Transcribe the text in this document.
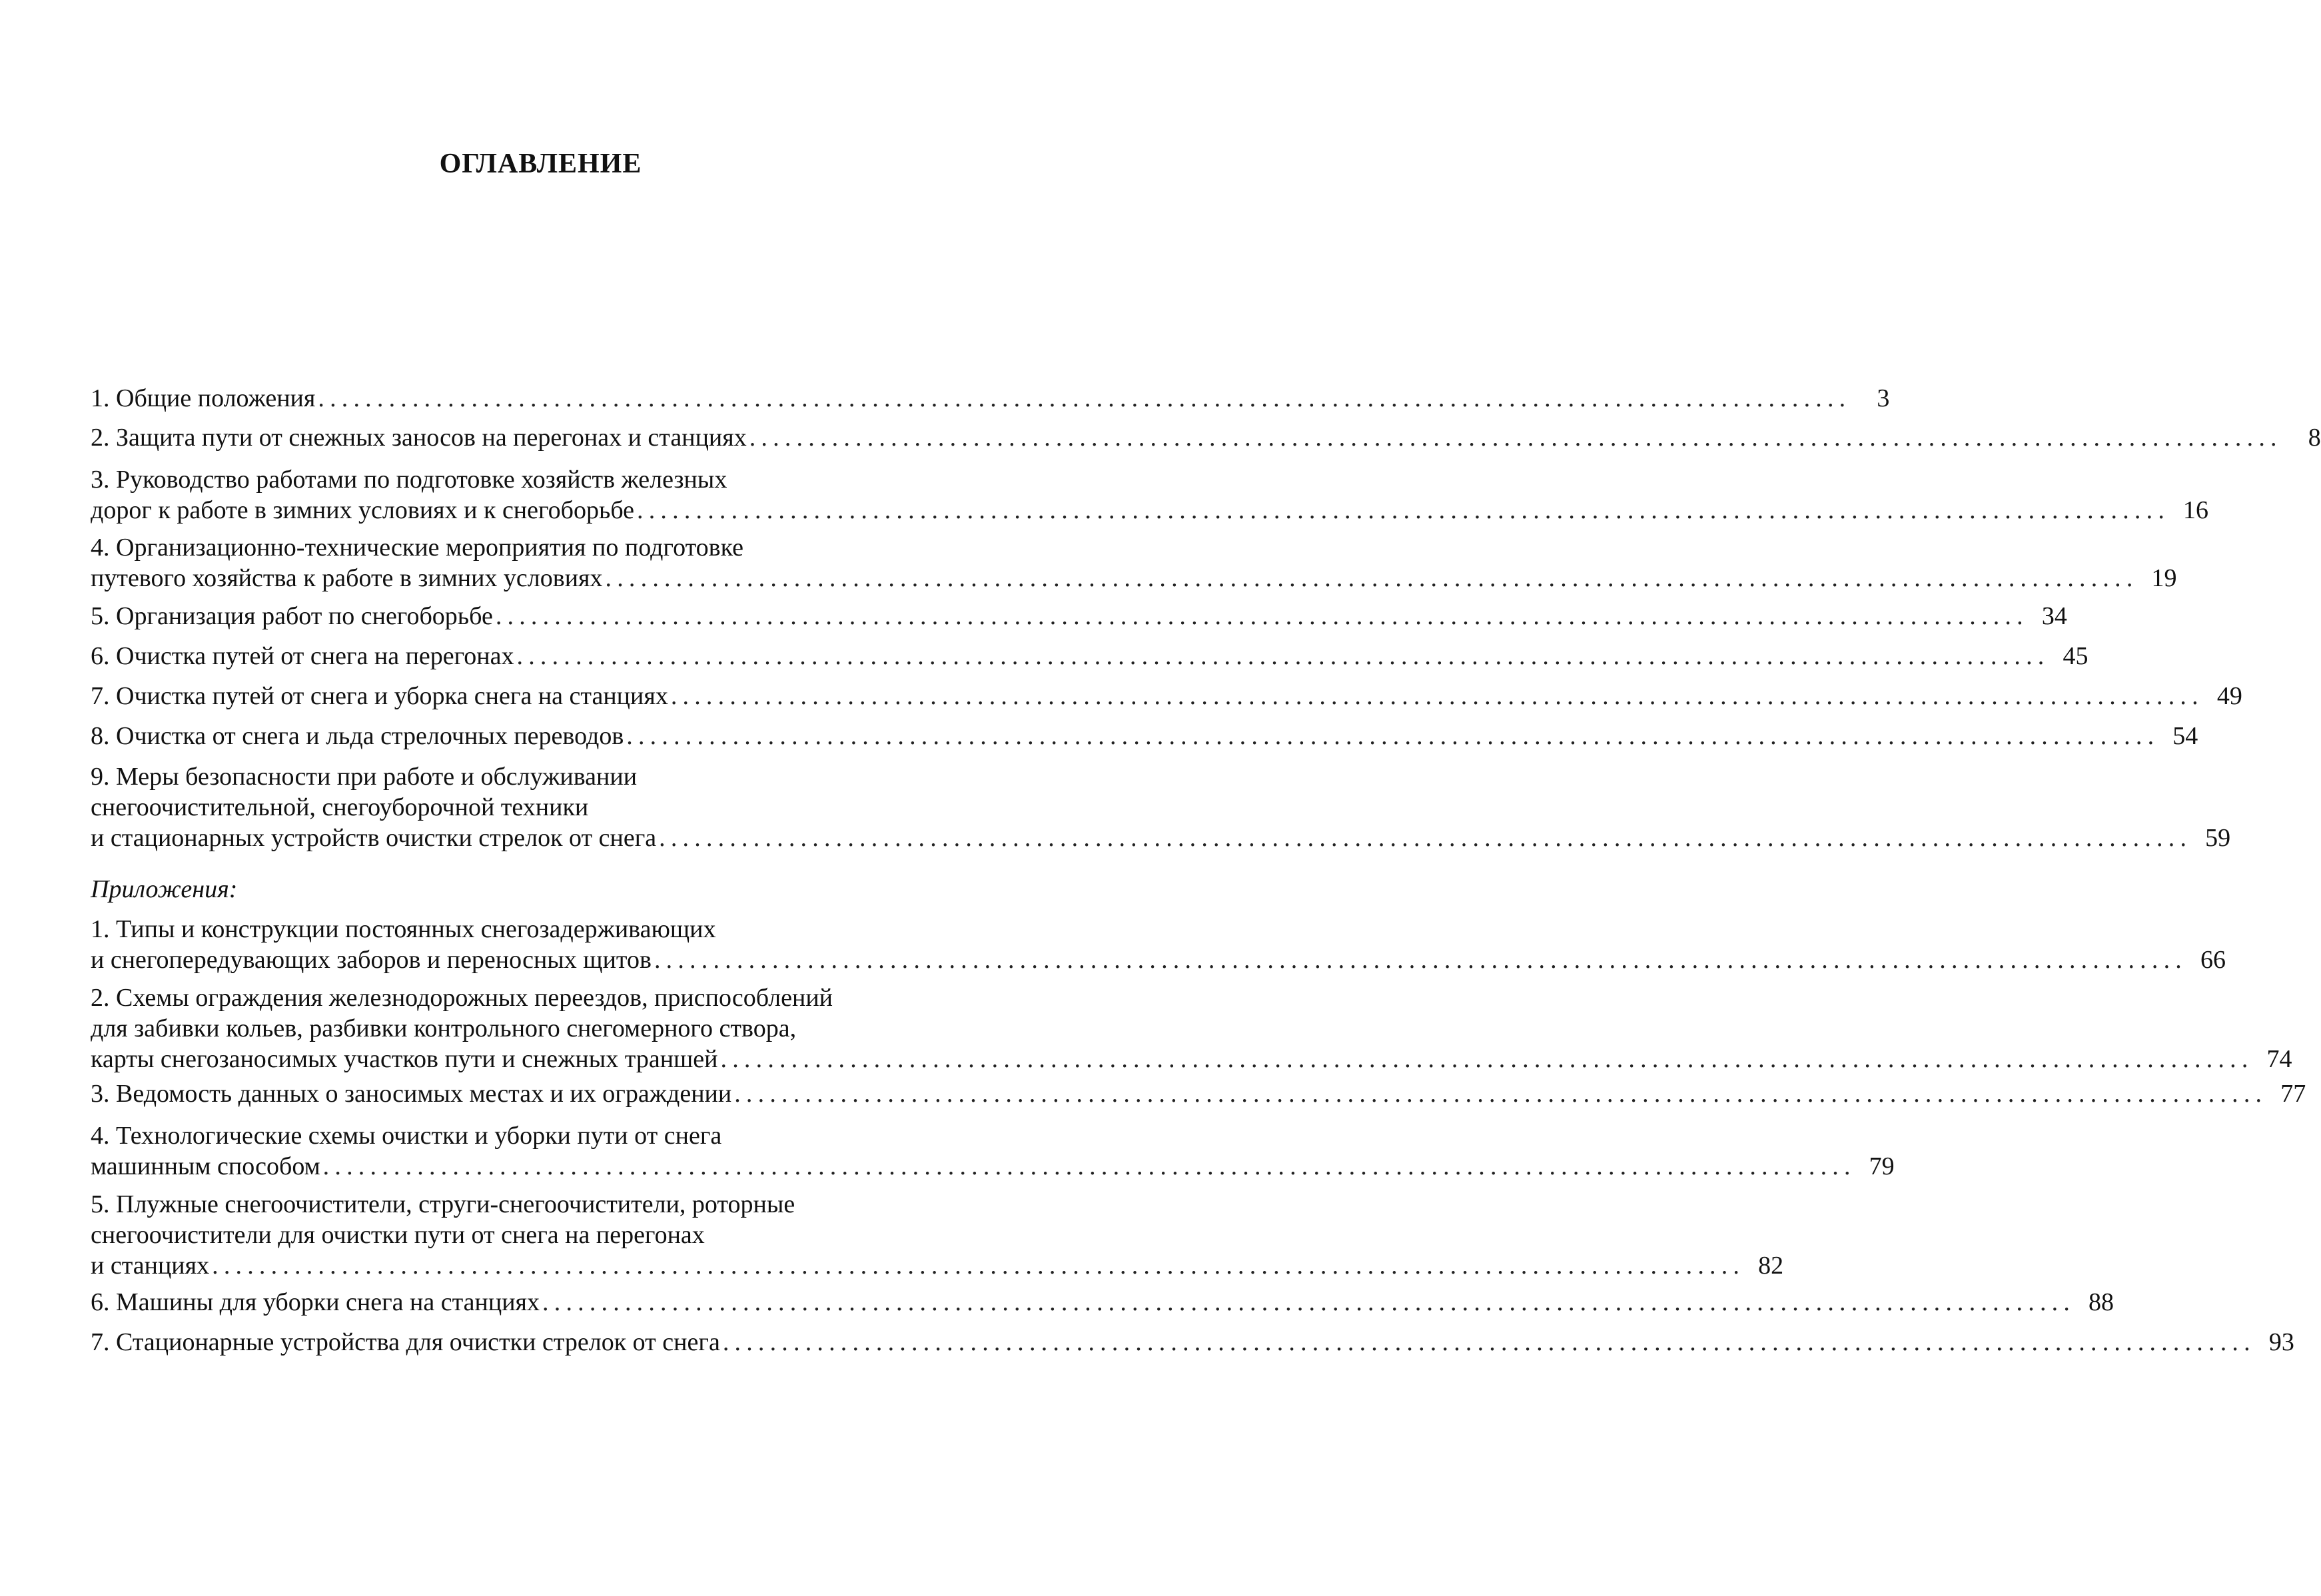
ОГЛАВЛЕНИЕ
1. Общие положения ..................................................................................................................................	3
2. Защита пути от снежных заносов на перегонах и станциях ..................................................................................................................................	8
3. Руководство работами по подготовке хозяйств железных
дорог к работе в зимних условиях и к снегоборьбе .................................................................................................................................. 16
4. Организационно-технические мероприятия по подготовке
путевого хозяйства к работе в зимних условиях .................................................................................................................................. 19
5. Организация работ по снегоборьбе .................................................................................................................................. 34
6. Очистка путей от снега на перегонах .................................................................................................................................. 45
7. Очистка путей от снега и уборка снега на станциях .................................................................................................................................. 49
8. Очистка от снега и льда стрелочных переводов .................................................................................................................................. 54
9. Меры безопасности при работе и обслуживании
снегоочистительной, снегоуборочной техники
и стационарных устройств очистки стрелок от снега .................................................................................................................................. 59
Приложения:
1. Типы и конструкции постоянных снегозадерживающих
и снегопередувающих заборов и переносных щитов .................................................................................................................................. 66
2. Схемы ограждения железнодорожных переездов, приспособлений
для забивки кольев, разбивки контрольного снегомерного створа,
карты снегозаносимых участков пути и снежных траншей .................................................................................................................................. 74
3. Ведомость данных о заносимых местах и их ограждении .................................................................................................................................. 77
4. Технологические схемы очистки и уборки пути от снега
машинным способом .................................................................................................................................. 79
5. Плужные снегоочистители, струги-снегоочистители, роторные
снегоочистители для очистки пути от снега на перегонах
и станциях .................................................................................................................................. 82
6. Машины для уборки снега на станциях .................................................................................................................................. 88
7. Стационарные устройства для очистки стрелок от снега .................................................................................................................................. 93
